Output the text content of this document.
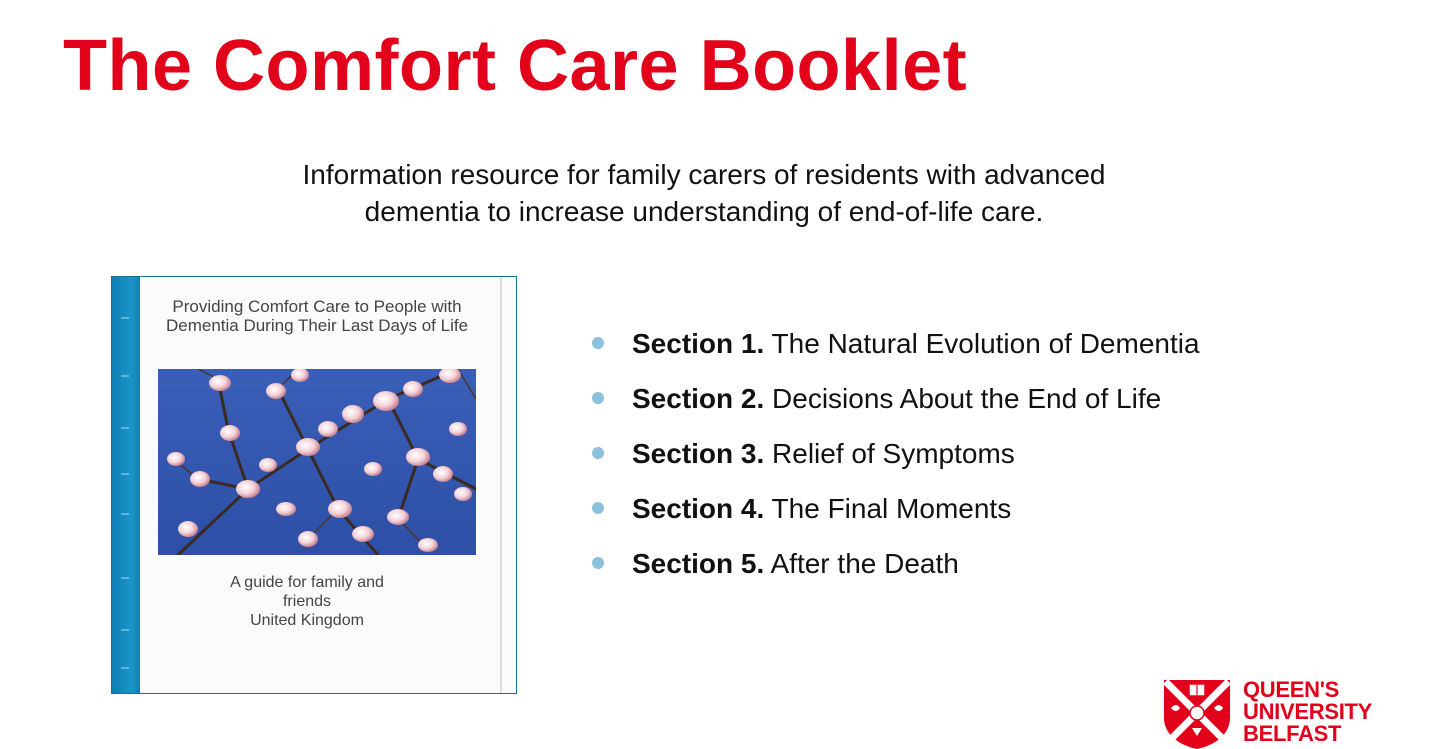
The Comfort Care Booklet
Information resource for family carers of residents with advanced dementia to increase understanding of end-of-life care.
Providing Comfort Care to People with Dementia During Their Last Days of Life
A guide for family and
friends
United Kingdom
Section 1. The Natural Evolution of Dementia
Section 2. Decisions About the End of Life
Section 3. Relief of Symptoms
Section 4. The Final Moments
Section 5. After the Death
QUEEN'S
UNIVERSITY
BELFAST
